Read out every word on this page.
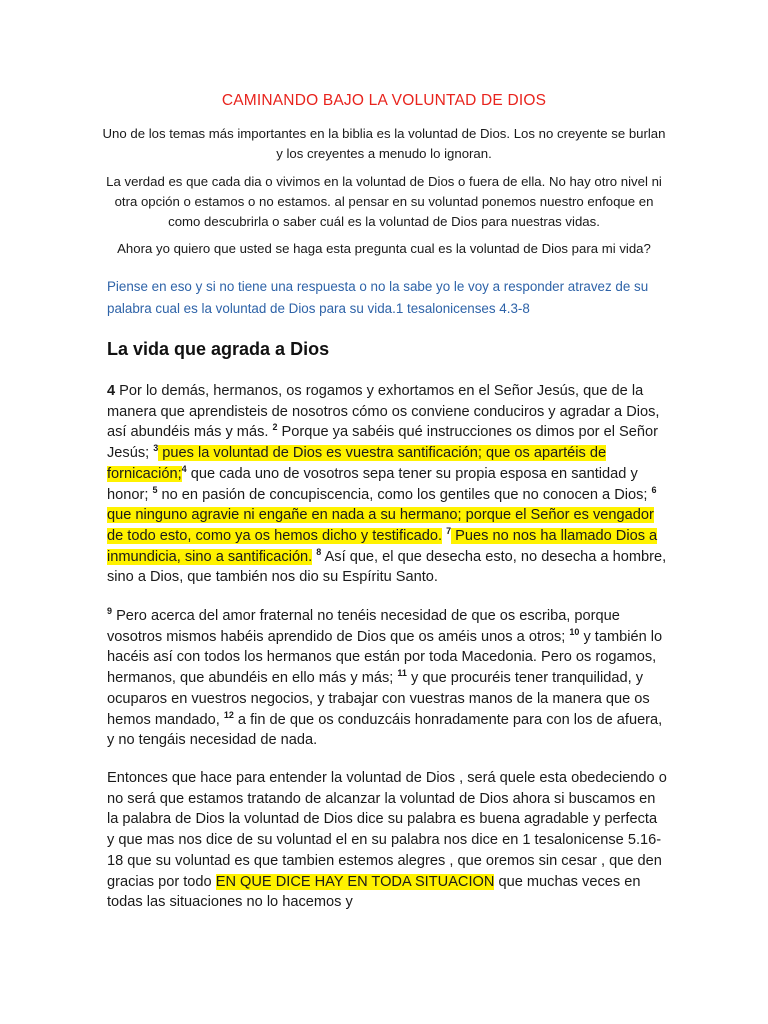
CAMINANDO BAJO LA VOLUNTAD DE DIOS
Uno de los temas más importantes en la biblia es la voluntad de Dios. Los no creyente se burlan y los creyentes a menudo lo ignoran.
La verdad es que cada dia o vivimos en la voluntad de Dios o fuera de ella. No hay otro nivel ni otra opción o estamos o no estamos. al pensar en su voluntad ponemos nuestro enfoque en como descubrirla o saber cuál es la voluntad de Dios para nuestras vidas.
Ahora yo quiero que usted se haga esta pregunta cual es la voluntad de Dios para mi vida?
Piense en eso y si no tiene una respuesta o no la sabe yo le voy a responder atravez de su palabra cual es la voluntad de Dios para su vida.1 tesalonicenses 4.3-8
La vida que agrada a Dios
4 Por lo demás, hermanos, os rogamos y exhortamos en el Señor Jesús, que de la manera que aprendisteis de nosotros cómo os conviene conduciros y agradar a Dios, así abundéis más y más. $^2$ Porque ya sabéis qué instrucciones os dimos por el Señor Jesús; $^3$ pues la voluntad de Dios es vuestra santificación; que os apartéis de fornicación;$^4$ que cada uno de vosotros sepa tener su propia esposa en santidad y honor; $^5$ no en pasión de concupiscencia, como los gentiles que no conocen a Dios; $^6$ que ninguno agravie ni engañe en nada a su hermano; porque el Señor es vengador de todo esto, como ya os hemos dicho y testificado. $^7$ Pues no nos ha llamado Dios a inmundicia, sino a santificación. $^8$ Así que, el que desecha esto, no desecha a hombre, sino a Dios, que también nos dio su Espíritu Santo.
$^9$ Pero acerca del amor fraternal no tenéis necesidad de que os escriba, porque vosotros mismos habéis aprendido de Dios que os améis unos a otros; $^{10}$ y también lo hacéis así con todos los hermanos que están por toda Macedonia. Pero os rogamos, hermanos, que abundéis en ello más y más; $^{11}$ y que procuréis tener tranquilidad, y ocuparos en vuestros negocios, y trabajar con vuestras manos de la manera que os hemos mandado, $^{12}$ a fin de que os conduzcáis honradamente para con los de afuera, y no tengáis necesidad de nada.
Entonces que hace para entender la voluntad de Dios , será quele esta obedeciendo o no será que estamos tratando de alcanzar la voluntad de Dios ahora si buscamos en la palabra de Dios la voluntad de Dios dice su palabra es buena agradable y perfecta y que mas nos dice de su voluntad el en su palabra nos dice en 1 tesalonicense 5.16-18 que su voluntad es que tambien estemos alegres , que oremos sin cesar , que den gracias por todo EN QUE DICE HAY EN TODA SITUACION que muchas veces en todas las situaciones no lo hacemos y
